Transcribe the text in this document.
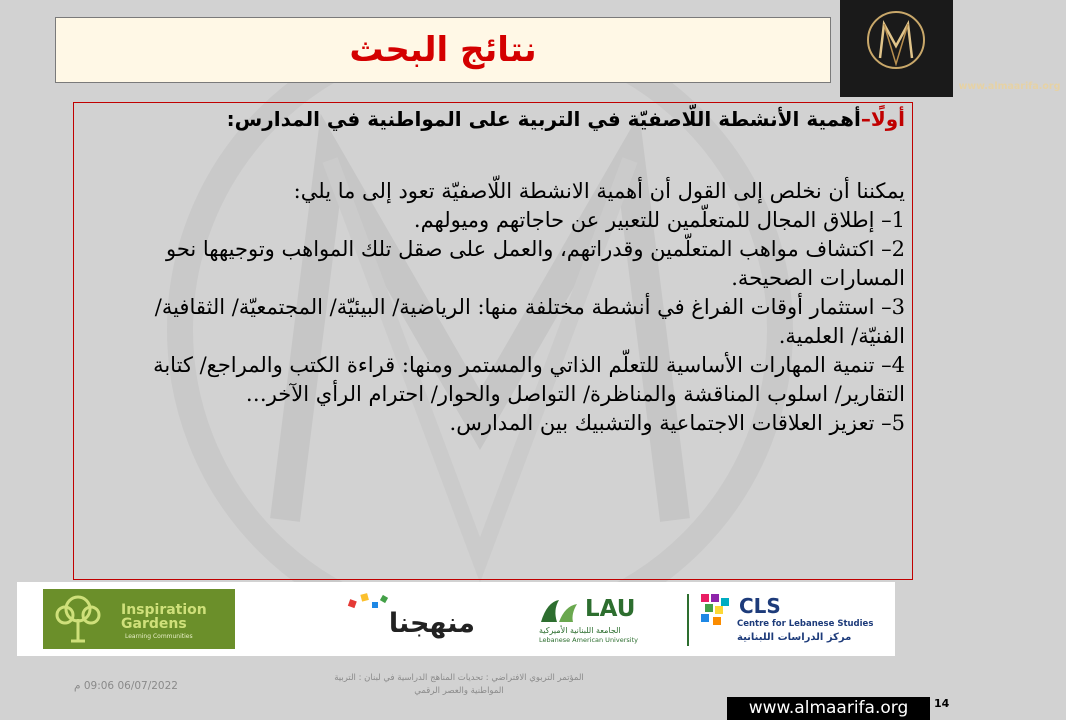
نتائج البحث
www.almaarifa.org

أولًا–أهمية الأنشطة اللّاصفيّة في التربية على المواطنية في المدارس:

يمكننا أن نخلص إلى القول أن أهمية الانشطة اللّاصفيّة تعود إلى ما يلي:

1– إطلاق المجال للمتعلّمين للتعبير عن حاجاتهم وميولهم.

2– اكتشاف مواهب المتعلّمين وقدراتهم، والعمل على صقل تلك المواهب وتوجيهها نحو المسارات الصحيحة.

3– استثمار أوقات الفراغ في أنشطة مختلفة منها: الرياضية/ البيئيّة/ المجتمعيّة/ الثقافية/ الفنيّة/ العلمية.

4– تنمية المهارات الأساسية للتعلّم الذاتي والمستمر ومنها: قراءة الكتب والمراجع/ كتابة التقارير/ اسلوب المناقشة والمناظرة/ التواصل والحوار/ احترام الرأي الآخر…

5– تعزيز العلاقات الاجتماعية والتشبيك بين المدارس.

Inspiration
Gardens
Learning Communities	منهجنا	LAU
الجامعة اللبنانية الأميركية
Lebanese American University
CLS
Centre for Lebanese Studies
مركز الدراسات اللبنانية
06/07/2022 09:06 م
المؤتمر التربوي الافتراضي : تحديات المناهج الدراسية في لبنان : التربية المواطنية والعصر الرقمي
14
www.almaarifa.org
